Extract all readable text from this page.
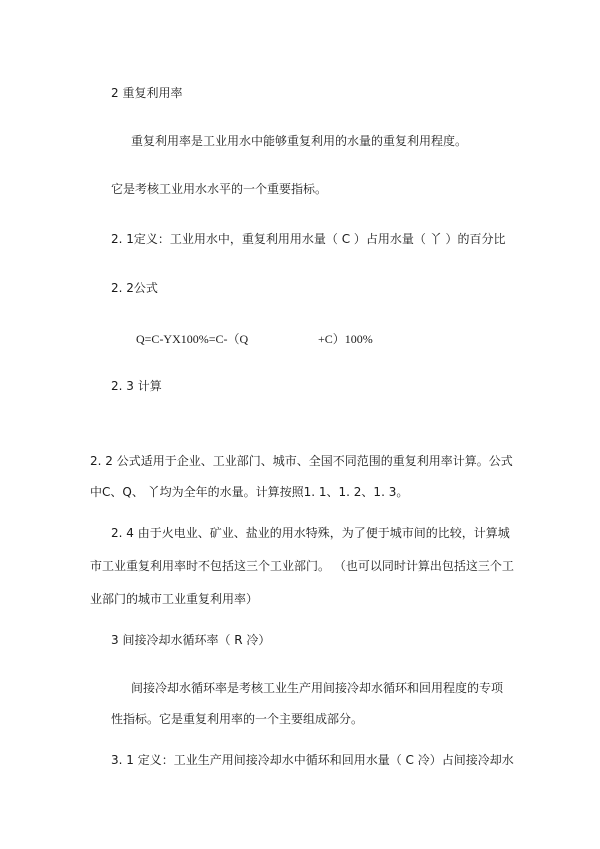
2 重复利用率
重复利用率是工业用水中能够重复利用的水量的重复利用程度。
它是考核工业用水水平的一个重要指标。
2. 1定义：工业用水中，重复利用用水量（ C ）占用水量（ 丫 ）的百分比
2. 2公式
Q=C-YX100%=C-（Q	+C）100%
2. 3 计算
2. 2 公式适用于企业、工业部门、城市、全国不同范围的重复利用率计算。公式
中C、Q、 丫均为全年的水量。计算按照1. 1、1. 2、1. 3。
2. 4 由于火电业、矿业、盐业的用水特殊，为了便于城市间的比较，计算城
市工业重复利用率时不包括这三个工业部门。 （也可以同时计算出包括这三个工
业部门的城市工业重复利用率）
3 间接冷却水循环率（ R 冷）
间接冷却水循环率是考核工业生产用间接冷却水循环和回用程度的专项
性指标。它是重复利用率的一个主要组成部分。
3. 1 定义：工业生产用间接冷却水中循环和回用水量（ C 冷）占间接冷却水
